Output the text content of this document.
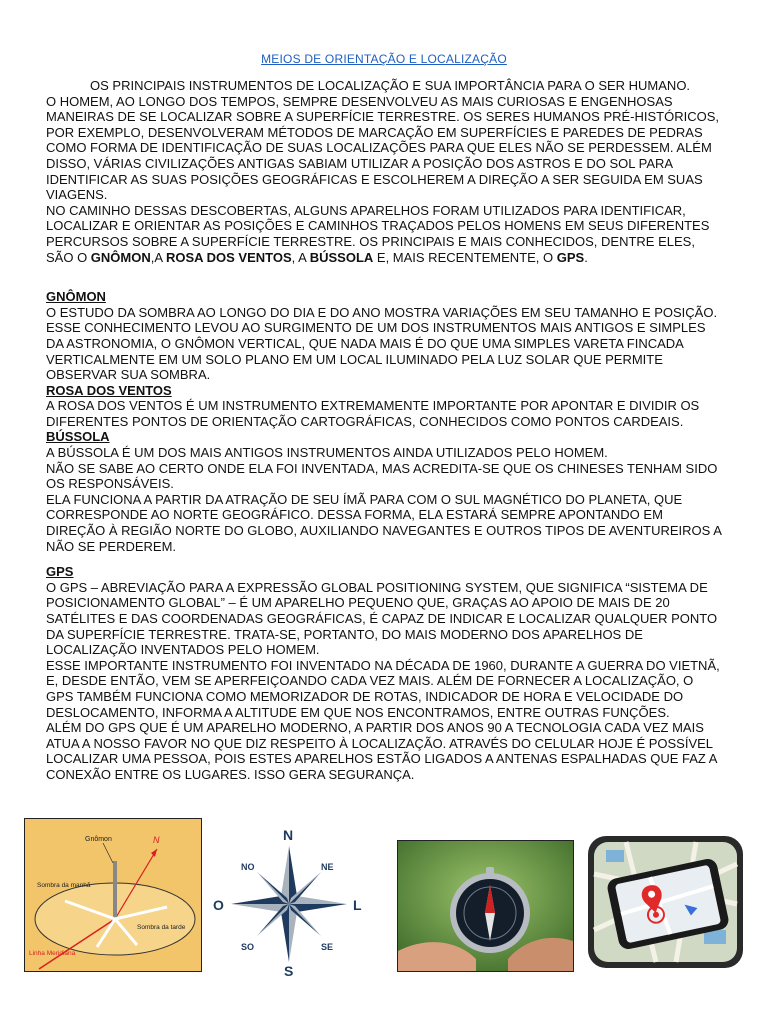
MEIOS DE ORIENTAÇÃO E LOCALIZAÇÃO

OS PRINCIPAIS INSTRUMENTOS DE LOCALIZAÇÃO E SUA IMPORTÂNCIA PARA O SER HUMANO.

O HOMEM, AO LONGO DOS TEMPOS, SEMPRE DESENVOLVEU AS MAIS CURIOSAS E ENGENHOSAS MANEIRAS DE SE LOCALIZAR SOBRE A SUPERFÍCIE TERRESTRE. OS SERES HUMANOS PRÉ-HISTÓRICOS, POR EXEMPLO, DESENVOLVERAM MÉTODOS DE MARCAÇÃO EM SUPERFÍCIES E PAREDES DE PEDRAS COMO FORMA DE IDENTIFICAÇÃO DE SUAS LOCALIZAÇÕES PARA QUE ELES NÃO SE PERDESSEM. ALÉM DISSO, VÁRIAS CIVILIZAÇÕES ANTIGAS SABIAM UTILIZAR A POSIÇÃO DOS ASTROS E DO SOL PARA IDENTIFICAR AS SUAS POSIÇÕES GEOGRÁFICAS E ESCOLHEREM A DIREÇÃO A SER SEGUIDA EM SUAS VIAGENS.

NO CAMINHO DESSAS DESCOBERTAS, ALGUNS APARELHOS FORAM UTILIZADOS PARA IDENTIFICAR, LOCALIZAR E ORIENTAR AS POSIÇÕES E CAMINHOS TRAÇADOS PELOS HOMENS EM SEUS DIFERENTES PERCURSOS SOBRE A SUPERFÍCIE TERRESTRE. OS PRINCIPAIS E MAIS CONHECIDOS, DENTRE ELES, SÃO O GNÔMON,A ROSA DOS VENTOS, A BÚSSOLA E, MAIS RECENTEMENTE, O GPS.

GNÔMON

O ESTUDO DA SOMBRA AO LONGO DO DIA E DO ANO MOSTRA VARIAÇÕES EM SEU TAMANHO E POSIÇÃO. ESSE CONHECIMENTO LEVOU AO SURGIMENTO DE UM DOS INSTRUMENTOS MAIS ANTIGOS E SIMPLES DA ASTRONOMIA, O GNÔMON VERTICAL, QUE NADA MAIS É DO QUE UMA SIMPLES VARETA FINCADA VERTICALMENTE EM UM SOLO PLANO EM UM LOCAL ILUMINADO PELA LUZ SOLAR QUE PERMITE OBSERVAR SUA SOMBRA.

ROSA DOS VENTOS

A ROSA DOS VENTOS É UM INSTRUMENTO EXTREMAMENTE IMPORTANTE POR APONTAR E DIVIDIR OS DIFERENTES PONTOS DE ORIENTAÇÃO CARTOGRÁFICAS, CONHECIDOS COMO PONTOS CARDEAIS.

BÚSSOLA

A BÚSSOLA É UM DOS MAIS ANTIGOS INSTRUMENTOS AINDA UTILIZADOS PELO HOMEM.

NÃO SE SABE AO CERTO ONDE ELA FOI INVENTADA, MAS ACREDITA-SE QUE OS CHINESES TENHAM SIDO OS RESPONSÁVEIS.

ELA FUNCIONA A PARTIR DA ATRAÇÃO DE SEU ÍMÃ PARA COM O SUL MAGNÉTICO DO PLANETA, QUE CORRESPONDE AO NORTE GEOGRÁFICO. DESSA FORMA, ELA ESTARÁ SEMPRE APONTANDO EM DIREÇÃO À REGIÃO NORTE DO GLOBO, AUXILIANDO NAVEGANTES E OUTROS TIPOS DE AVENTUREIROS A NÃO SE PERDEREM.

GPS

O GPS – ABREVIAÇÃO PARA A EXPRESSÃO GLOBAL POSITIONING SYSTEM, QUE SIGNIFICA “SISTEMA DE POSICIONAMENTO GLOBAL” – É UM APARELHO PEQUENO QUE, GRAÇAS AO APOIO DE MAIS DE 20 SATÉLITES E DAS COORDENADAS GEOGRÁFICAS, É CAPAZ DE INDICAR E LOCALIZAR QUALQUER PONTO DA SUPERFÍCIE TERRESTRE. TRATA-SE, PORTANTO, DO MAIS MODERNO DOS APARELHOS DE LOCALIZAÇÃO INVENTADOS PELO HOMEM.

ESSE IMPORTANTE INSTRUMENTO FOI INVENTADO NA DÉCADA DE 1960, DURANTE A GUERRA DO VIETNÃ, E, DESDE ENTÃO, VEM SE APERFEIÇOANDO CADA VEZ MAIS. ALÉM DE FORNECER A LOCALIZAÇÃO, O GPS TAMBÉM FUNCIONA COMO MEMORIZADOR DE ROTAS, INDICADOR DE HORA E VELOCIDADE DO DESLOCAMENTO, INFORMA A ALTITUDE EM QUE NOS ENCONTRAMOS, ENTRE OUTRAS FUNÇÕES.

ALÉM DO GPS QUE É UM APARELHO MODERNO, A PARTIR DOS ANOS 90 A TECNOLOGIA CADA VEZ MAIS ATUA A NOSSO FAVOR NO QUE DIZ RESPEITO À LOCALIZAÇÃO. ATRAVÉS DO CELULAR HOJE É POSSÍVEL LOCALIZAR UMA PESSOA, POIS ESTES APARELHOS ESTÃO LIGADOS A ANTENAS ESPALHADAS QUE FAZ A CONEXÃO ENTRE OS LUGARES. ISSO GERA SEGURANÇA.

Gnômon	N
Sombra da manhã
Sombra da tarde
Linha Meridiana
N
S
L
O
NE
NO
SE
SO
